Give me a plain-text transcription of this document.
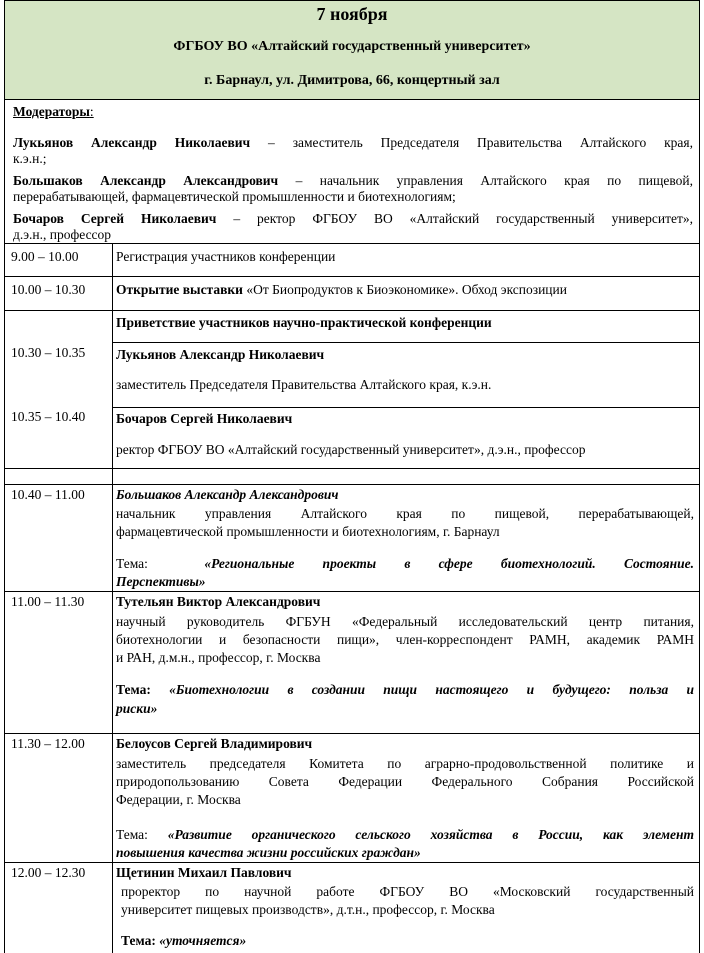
7 ноября
ФГБОУ ВО «Алтайский государственный университет»
г. Барнаул, ул. Димитрова, 66, концертный зал
Модераторы:
Лукьянов Александр Николаевич – заместитель Председателя Правительства Алтайского края,
к.э.н.;
Большаков Александр Александрович – начальник управления Алтайского края по пищевой,
перерабатывающей, фармацевтической промышленности и биотехнологиям;
Бочаров Сергей Николаевич – ректор ФГБОУ ВО «Алтайский государственный университет»,
д.э.н., профессор
9.00 – 10.00	Регистрация участников конференции
10.00 – 10.30	Открытие выставки «От Биопродуктов к Биоэкономике». Обход экспозиции
Приветствие участников научно-практической конференции
10.30 – 10.35	Лукьянов Александр Николаевич
заместитель Председателя Правительства Алтайского края, к.э.н.
10.35 – 10.40	Бочаров Сергей Николаевич
ректор ФГБОУ ВО «Алтайский государственный университет», д.э.н., профессор
10.40 – 11.00	Большаков Александр Александрович
начальник управления Алтайского края по пищевой, перерабатывающей,
фармацевтической промышленности и биотехнологиям, г. Барнаул
Тема:	«Региональные проекты в сфере биотехнологий. Состояние.
Перспективы»
11.00 – 11.30	Тутельян Виктор Александрович
научный руководитель ФГБУН «Федеральный исследовательский центр питания,
биотехнологии и безопасности пищи», член-корреспондент РАМН, академик РАМН
и РАН, д.м.н., профессор, г. Москва
Тема: «Биотехнологии в создании пищи настоящего и будущего: польза и
риски»
11.30 – 12.00	Белоусов Сергей Владимирович
заместитель председателя Комитета по аграрно-продовольственной политике и
природопользованию Совета Федерации Федерального Собрания Российской
Федерации, г. Москва
Тема: «Развитие органического сельского хозяйства в России, как элемент
повышения качества жизни российских граждан»
12.00 – 12.30	Щетинин Михаил Павлович
проректор по научной работе ФГБОУ ВО «Московский государственный
университет пищевых производств», д.т.н., профессор, г. Москва
Тема: «уточняется»
